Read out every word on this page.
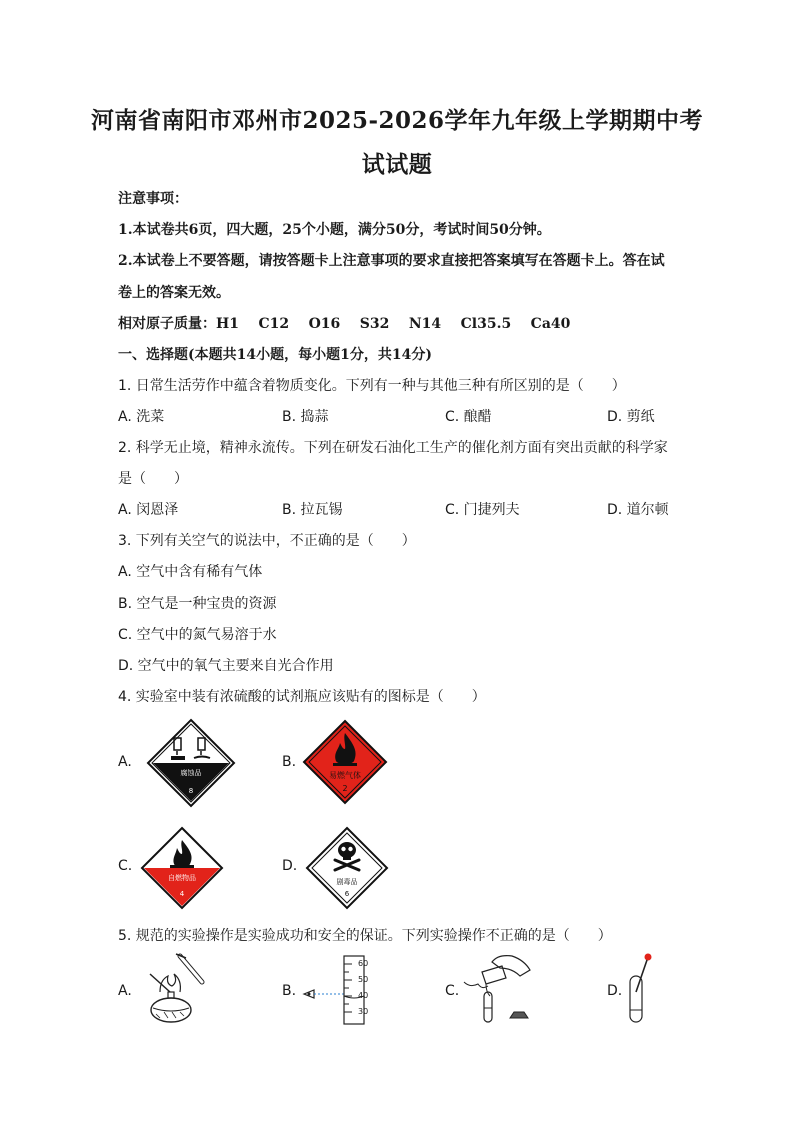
河南省南阳市邓州市2025-2026学年九年级上学期期中考
试试题
注意事项：
1.本试卷共6页，四大题，25个小题，满分50分，考试时间50分钟。
2.本试卷上不要答题，请按答题卡上注意事项的要求直接把答案填写在答题卡上。答在试
卷上的答案无效。
相对原子质量：H1    C12    O16    S32    N14    Cl35.5    Ca40
一、选择题(本题共14小题，每小题1分，共14分)
1. 日常生活劳作中蕴含着物质变化。下列有一种与其他三种有所区别的是（　　）
A. 洗菜	B. 捣蒜	C. 酿醋	D. 剪纸
2. 科学无止境，精神永流传。下列在研发石油化工生产的催化剂方面有突出贡献的科学家
是（　　）
A. 闵恩泽	B. 拉瓦锡	C. 门捷列夫	D. 道尔顿
3. 下列有关空气的说法中，不正确的是（　　）
A. 空气中含有稀有气体
B. 空气是一种宝贵的资源
C. 空气中的氮气易溶于水
D. 空气中的氧气主要来自光合作用
4. 实验室中装有浓硫酸的试剂瓶应该贴有的图标是（　　）
A.
腐蚀品
8
B.
易燃气体
2
C.
自燃物品
4
D.
剧毒品
6
5. 规范的实验操作是实验成功和安全的保证。下列实验操作不正确的是（　　）
A.	B.
60
50
40
30
C.	D.
